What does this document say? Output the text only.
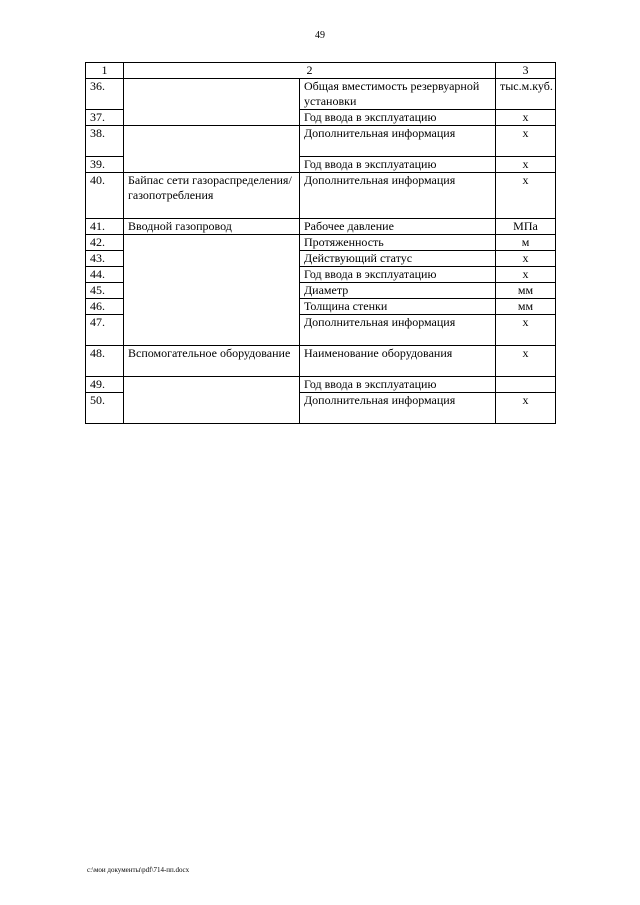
49
1	2		3
36.		Общая вместимость резервуарной установки	тыс.м.куб.
37.		Год ввода в эксплуатацию	х
38.		Дополнительная информация	х
39.		Год ввода в эксплуатацию	х
40.	Байпас сети газораспределения/газопотребления	Дополнительная информация	х
41.	Вводной газопровод	Рабочее давление	МПа
42.		Протяженность	м
43.		Действующий статус	х
44.		Год ввода в эксплуатацию	х
45.		Диаметр	мм
46.		Толщина стенки	мм
47.		Дополнительная информация	х
48.	Вспомогательное оборудование	Наименование оборудования	х
49.		Год ввода в эксплуатацию	
50.		Дополнительная информация	х
c:\мои документы\pdf\714-пп.docx
